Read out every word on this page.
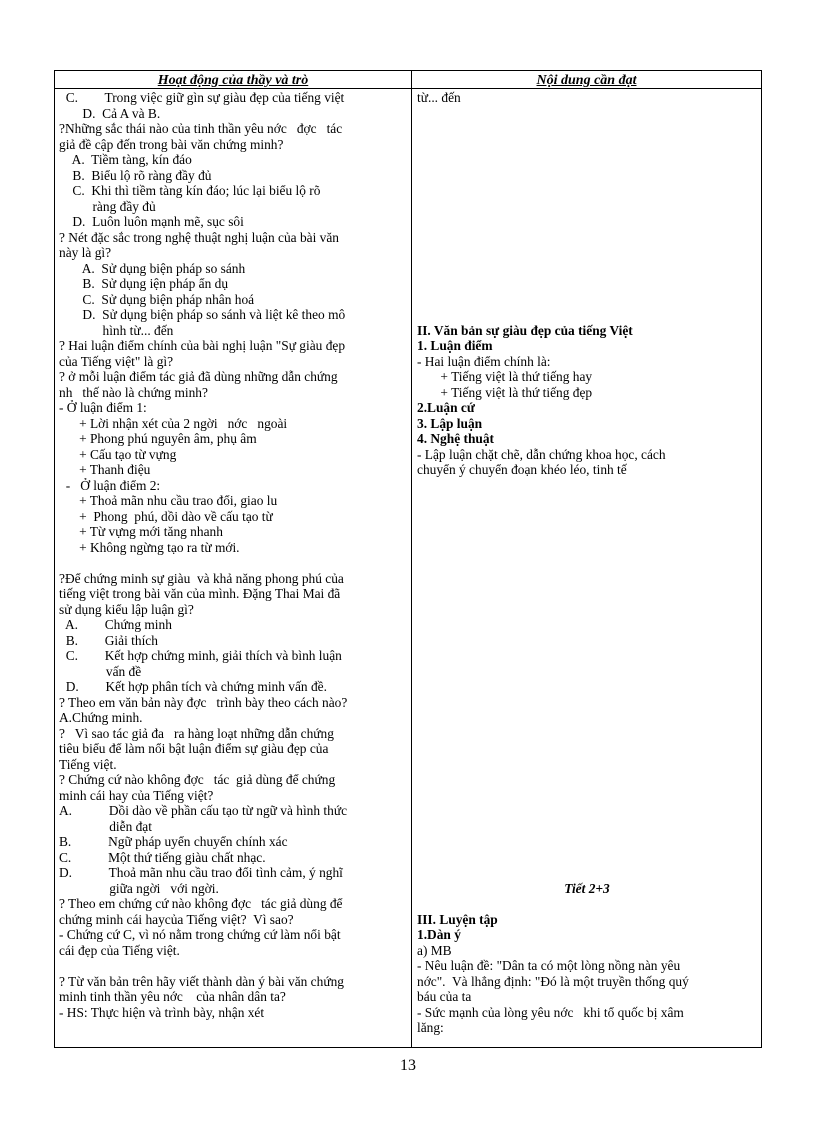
Hoạt động của thầy và trò	Nội dung cần đạt
C.        Trong việc giữ gìn sự giàu đẹp của tiếng việt
D.  Cả A và B.
?Những sắc thái nào của tinh thần yêu nớc   đợc   tác
giả đề cập đến trong bài văn chứng minh?
A.  Tiềm tàng, kín đáo
B.  Biểu lộ rõ ràng đầy đủ
C.  Khi thì tiềm tàng kín đáo; lúc lại biểu lộ rõ
ràng đầy đủ
D.  Luôn luôn mạnh mẽ, sục sôi
? Nét đặc sắc trong nghệ thuật nghị luận của bài văn
này là gì?
A.  Sử dụng biện pháp so sánh
B.  Sử dụng iện pháp ẩn dụ
C.  Sử dụng biện pháp nhân hoá
D.  Sử dụng biện pháp so sánh và liệt kê theo mô
hình từ... đến
? Hai luận điểm chính của bài nghị luận "Sự giàu đẹp
của Tiếng việt" là gì?
? ở mỗi luận điểm tác giả đã dùng những dẫn chứng
nh   thế nào là chứng minh?
- Ở luận điểm 1:
+ Lời nhận xét của 2 ngời   nớc   ngoài
+ Phong phú nguyên âm, phụ âm
+ Cấu tạo từ vựng
+ Thanh điệu
-   Ở luận điểm 2:
+ Thoả mãn nhu cầu trao đổi, giao lu
+  Phong  phú, dồi dào về cấu tạo từ
+ Từ vựng mới tăng nhanh
+ Không ngừng tạo ra từ mới.
?Để chứng minh sự giàu  và khả năng phong phú của
tiếng việt trong bài văn của mình. Đặng Thai Mai đã
sử dụng kiểu lập luận gì?
A.        Chứng minh
B.        Giải thích
C.        Kết hợp chứng minh, giải thích và bình luận
vấn đề
D.        Kết hợp phân tích và chứng minh vấn đề.
? Theo em văn bản này đợc   trình bày theo cách nào?
A.Chứng minh.
?   Vì sao tác giả đa   ra hàng loạt những dẫn chứng
tiêu biểu để làm nổi bật luận điểm sự giàu đẹp của
Tiếng việt.
? Chứng cứ nào không đợc   tác  giả dùng để chứng
minh cái hay của Tiếng việt?
A.           Dồi dào về phần cấu tạo từ ngữ và hình thức
diễn đạt
B.           Ngữ pháp uyển chuyển chính xác
C.           Một thứ tiếng giàu chất nhạc.
D.           Thoả mãn nhu cầu trao đổi tình cảm, ý nghĩ
giữa ngời   với ngời.
? Theo em chứng cứ nào không đợc   tác giả dùng để
chứng minh cái haycủa Tiếng việt?  Vì sao?
- Chứng cứ C, vì nó nằm trong chứng cứ làm nổi bật
cái đẹp của Tiếng việt.
? Từ văn bản trên hãy viết thành dàn ý bài văn chứng
minh tinh thần yêu nớc    của nhân dân ta?
- HS: Thực hiện và trình bày, nhận xét
từ... đến
II. Văn bản sự giàu đẹp của tiếng Việt
1. Luận điểm
- Hai luận điểm chính là:
+ Tiếng việt là thứ tiếng hay
+ Tiếng việt là thứ tiếng đẹp
2.Luận cứ
3. Lập luận
4. Nghệ thuật
- Lập luận chặt chẽ, dẫn chứng khoa học, cách
chuyển ý chuyển đoạn khéo léo, tinh tế
Tiết 2+3
III. Luyện tập
1.Dàn ý
a) MB
- Nêu luận đề: "Dân ta có một lòng nồng nàn yêu
nớc".  Và lhẳng định: "Đó là một truyền thống quý
báu của ta
- Sức mạnh của lòng yêu nớc   khi tổ quốc bị xâm
lăng:
13
